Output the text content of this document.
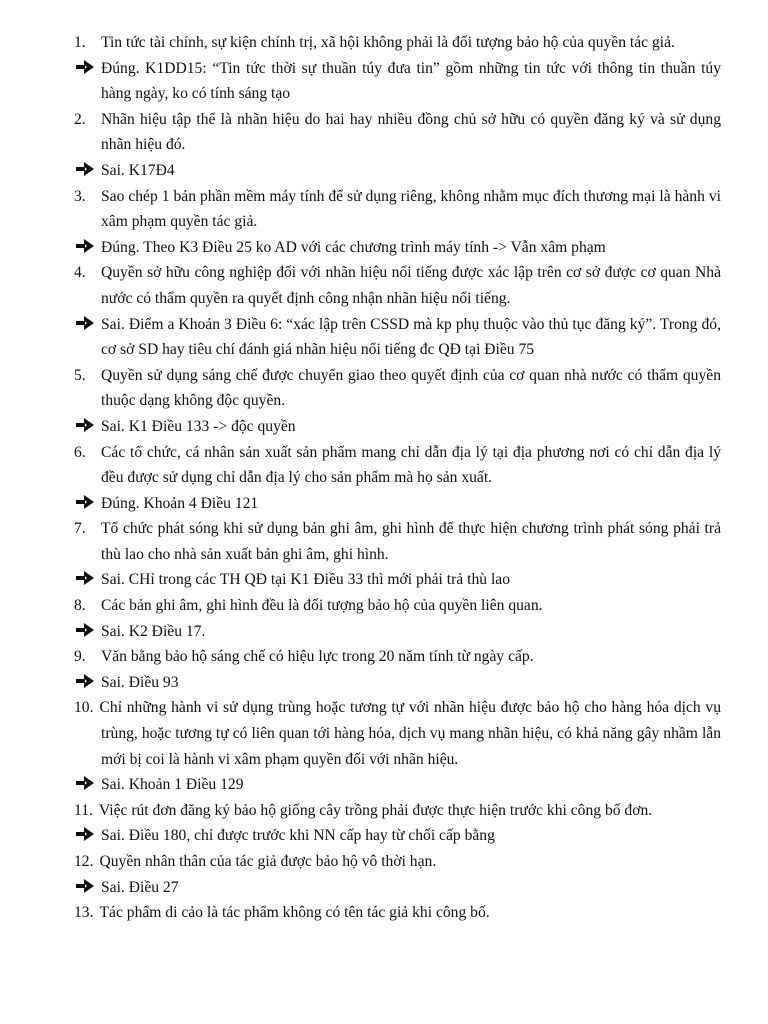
1. Tin tức tài chính, sự kiện chính trị, xã hội không phải là đối tượng bảo hộ của quyền tác giả.
Đúng. K1DD15: “Tin tức thời sự thuần túy đưa tin” gồm những tin tức với thông tin thuần túy hàng ngày, ko có tính sáng tạo
2. Nhãn hiệu tập thể là nhãn hiệu do hai hay nhiều đồng chủ sở hữu có quyền đăng ký và sử dụng nhãn hiệu đó.
Sai. K17Đ4
3. Sao chép 1 bản phần mềm máy tính để sử dụng riêng, không nhằm mục đích thương mại là hành vi xâm phạm quyền tác giả.
Đúng. Theo K3 Điều 25 ko AD với các chương trình máy tính -> Vẫn xâm phạm
4. Quyền sở hữu công nghiệp đối với nhãn hiệu nổi tiếng được xác lập trên cơ sở được cơ quan Nhà nước có thẩm quyền ra quyết định công nhận nhãn hiệu nổi tiếng.
Sai. Điểm a Khoản 3 Điều 6: “xác lập trên CSSD mà kp phụ thuộc vào thủ tục đăng ký”. Trong đó, cơ sở SD hay tiêu chí đánh giá nhãn hiệu nổi tiếng đc QĐ tại Điều 75
5. Quyền sử dụng sáng chế được chuyển giao theo quyết định của cơ quan nhà nước có thẩm quyền thuộc dạng không độc quyền.
Sai. K1 Điều 133 -> độc quyền
6. Các tổ chức, cá nhân sản xuất sản phẩm mang chỉ dẫn địa lý tại địa phương nơi có chỉ dẫn địa lý đều được sử dụng chỉ dẫn địa lý cho sản phẩm mà họ sản xuất.
Đúng. Khoản 4 Điều 121
7. Tổ chức phát sóng khi sử dụng bản ghi âm, ghi hình để thực hiện chương trình phát sóng phải trả thù lao cho nhà sản xuất bản ghi âm, ghi hình.
Sai. CHỉ trong các TH QĐ tại K1 Điều 33 thì mới phải trả thù lao
8. Các bản ghi âm, ghi hình đều là đối tượng bảo hộ của quyền liên quan.
Sai. K2 Điều 17.
9. Văn bằng bảo hộ sáng chế có hiệu lực trong 20 năm tính từ ngày cấp.
Sai. Điều 93
10. Chỉ những hành vi sử dụng trùng hoặc tương tự với nhãn hiệu được bảo hộ cho hàng hóa dịch vụ trùng, hoặc tương tự có liên quan tới hàng hóa, dịch vụ mang nhãn hiệu, có khả năng gây nhầm lẫn mới bị coi là hành vi xâm phạm quyền đối với nhãn hiệu.
Sai. Khoản 1 Điều 129
11. Việc rút đơn đăng ký bảo hộ giống cây trồng phải được thực hiện trước khi công bố đơn.
Sai. Điều 180, chỉ được trước khi NN cấp hay từ chối cấp bằng
12. Quyền nhân thân của tác giả được bảo hộ vô thời hạn.
Sai. Điều 27
13. Tác phẩm di cảo là tác phẩm không có tên tác giả khi công bố.
